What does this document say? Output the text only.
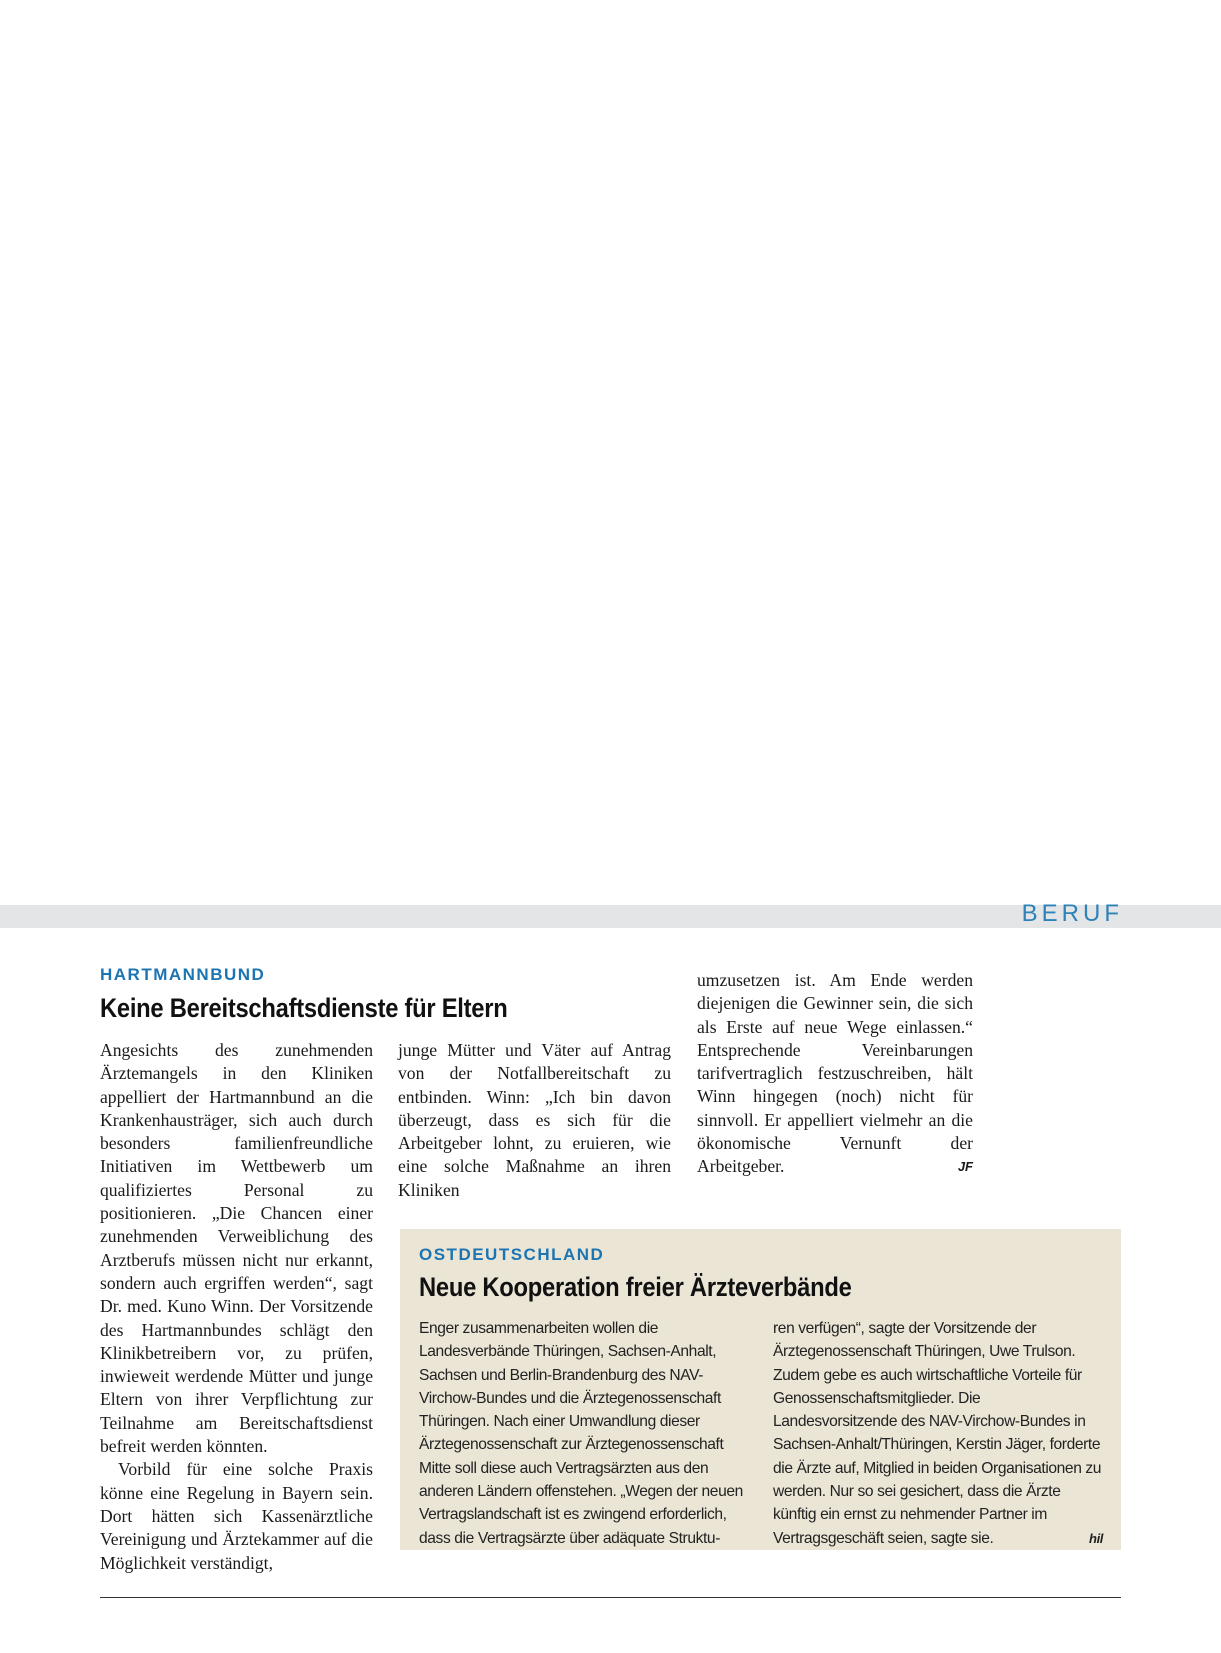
BERUF
HARTMANNBUND
Keine Bereitschaftsdienste für Eltern

Angesichts des zunehmenden Ärztemangels in den Kliniken appelliert der Hartmannbund an die Krankenhausträger, sich auch durch besonders familienfreundliche Initiativen im Wettbewerb um qualifiziertes Personal zu positionieren. „Die Chancen einer zunehmenden Verweiblichung des Arztberufs müssen nicht nur erkannt, sondern auch ergriffen werden“, sagt Dr. med. Kuno Winn. Der Vorsitzende des Hartmannbundes schlägt den Klinikbetreibern vor, zu prüfen, inwieweit werdende Mütter und junge Eltern von ihrer Verpflichtung zur Teilnahme am Bereitschaftsdienst befreit werden könnten.

Vorbild für eine solche Praxis könne eine Regelung in Bayern sein. Dort hätten sich Kassenärztliche Vereinigung und Ärztekammer auf die Möglichkeit verständigt,

junge Mütter und Väter auf Antrag von der Notfallbereitschaft zu entbinden. Winn: „Ich bin davon überzeugt, dass es sich für die Arbeitgeber lohnt, zu eruieren, wie eine solche Maßnahme an ihren Kliniken

umzusetzen ist. Am Ende werden diejenigen die Gewinner sein, die sich als Erste auf neue Wege einlassen.“ Entsprechende Vereinbarungen tarifvertraglich festzuschreiben, hält Winn hingegen (noch) nicht für sinnvoll. Er appelliert vielmehr an die ökonomische Vernunft der Arbeitgeber.	JF

OSTDEUTSCHLAND
Neue Kooperation freier Ärzteverbände

Enger zusammenarbeiten wollen die Landesverbände Thüringen, Sachsen-Anhalt, Sachsen und Berlin-Brandenburg des NAV-Virchow-Bundes und die Ärztegenossenschaft Thüringen. Nach einer Umwandlung dieser Ärztegenossenschaft zur Ärztegenossenschaft Mitte soll diese auch Vertragsärzten aus den anderen Ländern offenstehen. „Wegen der neuen Vertragslandschaft ist es zwingend erforderlich, dass die Vertragsärzte über adäquate Struktu-

ren verfügen“, sagte der Vorsitzende der Ärztegenossenschaft Thüringen, Uwe Trulson. Zudem gebe es auch wirtschaftliche Vorteile für Genossenschaftsmitglieder. Die Landesvorsitzende des NAV-Virchow-Bundes in Sachsen-Anhalt/Thüringen, Kerstin Jäger, forderte die Ärzte auf, Mitglied in beiden Organisationen zu werden. Nur so sei gesichert, dass die Ärzte künftig ein ernst zu nehmender Partner im Vertragsgeschäft seien, sagte sie.	hil
